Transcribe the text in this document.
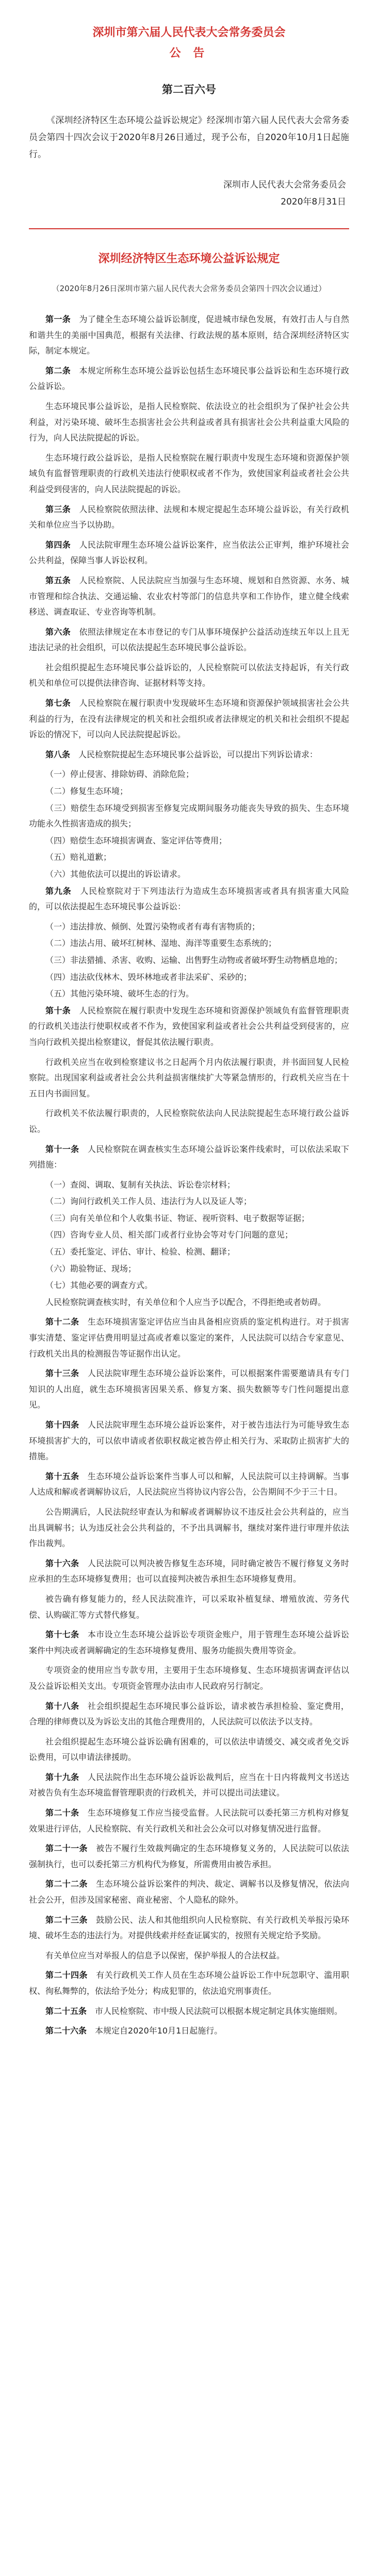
深圳市第六届人民代表大会常务委员会

公 告

第二百六号

《深圳经济特区生态环境公益诉讼规定》经深圳市第六届人民代表大会常务委员会第四十四次会议于2020年8月26日通过，现予公布，自2020年10月1日起施行。

深圳市人民代表大会常务委员会
2020年8月31日
深圳经济特区生态环境公益诉讼规定
（2020年8月26日深圳市第六届人民代表大会常务委员会第四十四次会议通过）

第一条　 为了健全生态环境公益诉讼制度，促进城市绿色发展，有效打击人与自然和谐共生的美丽中国典范，根据有关法律、行政法规的基本原则，结合深圳经济特区实际，制定本规定。

第二条　 本规定所称生态环境公益诉讼包括生态环境民事公益诉讼和生态环境行政公益诉讼。

生态环境民事公益诉讼，是指人民检察院、依法设立的社会组织为了保护社会公共利益，对污染环境、破坏生态损害社会公共利益或者具有损害社会公共利益重大风险的行为，向人民法院提起的诉讼。

生态环境行政公益诉讼，是指人民检察院在履行职责中发现生态环境和资源保护领域负有监督管理职责的行政机关违法行使职权或者不作为，致使国家利益或者社会公共利益受到侵害的，向人民法院提起的诉讼。

第三条　 人民检察院依照法律、法规和本规定提起生态环境公益诉讼，有关行政机关和单位应当予以协助。

第四条　 人民法院审理生态环境公益诉讼案件，应当依法公正审判，维护环境社会公共利益，保障当事人诉讼权利。

第五条　 人民检察院、人民法院应当加强与生态环境、规划和自然资源、水务、城市管理和综合执法、交通运输、农业农村等部门的信息共享和工作协作，建立健全线索移送、调查取证、专业咨询等机制。

第六条　 依照法律规定在本市登记的专门从事环境保护公益活动连续五年以上且无违法记录的社会组织，可以依法提起生态环境民事公益诉讼。

社会组织提起生态环境民事公益诉讼的，人民检察院可以依法支持起诉，有关行政机关和单位可以提供法律咨询、证据材料等支持。

第七条　 人民检察院在履行职责中发现破坏生态环境和资源保护领域损害社会公共利益的行为，在没有法律规定的机关和社会组织或者法律规定的机关和社会组织不提起诉讼的情况下，可以向人民法院提起诉讼。

第八条　 人民检察院提起生态环境民事公益诉讼，可以提出下列诉讼请求：

（一）停止侵害、排除妨碍、消除危险；

（二）修复生态环境；

（三）赔偿生态环境受到损害至修复完成期间服务功能丧失导致的损失、生态环境功能永久性损害造成的损失；

（四）赔偿生态环境损害调查、鉴定评估等费用；

（五）赔礼道歉；

（六）其他依法可以提出的诉讼请求。

第九条　 人民检察院对于下列违法行为造成生态环境损害或者具有损害重大风险的，可以依法提起生态环境民事公益诉讼：

（一）违法排放、倾倒、处置污染物或者有毒有害物质的；

（二）违法占用、破坏红树林、湿地、海洋等重要生态系统的；

（三）非法猎捕、杀害、收购、运输、出售野生动物或者破坏野生动物栖息地的；

（四）违法砍伐林木、毁坏林地或者非法采矿、采砂的；

（五）其他污染环境、破坏生态的行为。

第十条　 人民检察院在履行职责中发现生态环境和资源保护领域负有监督管理职责的行政机关违法行使职权或者不作为，致使国家利益或者社会公共利益受到侵害的，应当向行政机关提出检察建议，督促其依法履行职责。

行政机关应当在收到检察建议书之日起两个月内依法履行职责，并书面回复人民检察院。出现国家利益或者社会公共利益损害继续扩大等紧急情形的，行政机关应当在十五日内书面回复。

行政机关不依法履行职责的，人民检察院依法向人民法院提起生态环境行政公益诉讼。

第十一条　 人民检察院在调查核实生态环境公益诉讼案件线索时，可以依法采取下列措施：

（一）查阅、调取、复制有关执法、诉讼卷宗材料；

（二）询问行政机关工作人员、违法行为人以及证人等；

（三）向有关单位和个人收集书证、物证、视听资料、电子数据等证据；

（四）咨询专业人员、相关部门或者行业协会等对专门问题的意见；

（五）委托鉴定、评估、审计、检验、检测、翻译；

（六）勘验物证、现场；

（七）其他必要的调查方式。

人民检察院调查核实时，有关单位和个人应当予以配合，不得拒绝或者妨碍。

第十二条　 生态环境损害鉴定评估应当由具备相应资质的鉴定机构进行。对于损害事实清楚、鉴定评估费用明显过高或者难以鉴定的案件，人民法院可以结合专家意见、行政机关出具的检测报告等证据作出认定。

第十三条　 人民法院审理生态环境公益诉讼案件，可以根据案件需要邀请具有专门知识的人出庭，就生态环境损害因果关系、修复方案、损失数额等专门性问题提出意见。

第十四条　 人民法院审理生态环境公益诉讼案件，对于被告违法行为可能导致生态环境损害扩大的，可以依申请或者依职权裁定被告停止相关行为、采取防止损害扩大的措施。

第十五条　 生态环境公益诉讼案件当事人可以和解，人民法院可以主持调解。当事人达成和解或者调解协议后，人民法院应当将协议内容公告，公告期间不少于三十日。

公告期满后，人民法院经审查认为和解或者调解协议不违反社会公共利益的，应当出具调解书；认为违反社会公共利益的，不予出具调解书，继续对案件进行审理并依法作出裁判。

第十六条　 人民法院可以判决被告修复生态环境，同时确定被告不履行修复义务时应承担的生态环境修复费用；也可以直接判决被告承担生态环境修复费用。

被告确有修复能力的，经人民法院准许，可以采取补植复绿、增殖放流、劳务代偿、认购碳汇等方式替代修复。

第十七条　 本市设立生态环境公益诉讼专项资金账户，用于管理生态环境公益诉讼案件中判决或者调解确定的生态环境修复费用、服务功能损失费用等资金。

专项资金的使用应当专款专用，主要用于生态环境修复、生态环境损害调查评估以及公益诉讼相关支出。专项资金管理办法由市人民政府另行制定。

第十八条　 社会组织提起生态环境民事公益诉讼，请求被告承担检验、鉴定费用，合理的律师费以及为诉讼支出的其他合理费用的，人民法院可以依法予以支持。

社会组织提起生态环境公益诉讼确有困难的，可以依法申请缓交、减交或者免交诉讼费用，可以申请法律援助。

第十九条　 人民法院作出生态环境公益诉讼裁判后，应当在十日内将裁判文书送达对被告负有生态环境监督管理职责的行政机关，并可以提出司法建议。

第二十条　 生态环境修复工作应当接受监督。人民法院可以委托第三方机构对修复效果进行评估，人民检察院、有关行政机关和社会公众可以对修复情况进行监督。

第二十一条　 被告不履行生效裁判确定的生态环境修复义务的，人民法院可以依法强制执行，也可以委托第三方机构代为修复，所需费用由被告承担。

第二十二条　 生态环境公益诉讼案件的判决、裁定、调解书以及修复情况，依法向社会公开，但涉及国家秘密、商业秘密、个人隐私的除外。

第二十三条　 鼓励公民、法人和其他组织向人民检察院、有关行政机关举报污染环境、破坏生态的违法行为。对提供线索并经查证属实的，按照有关规定给予奖励。

有关单位应当对举报人的信息予以保密，保护举报人的合法权益。

第二十四条　 有关行政机关工作人员在生态环境公益诉讼工作中玩忽职守、滥用职权、徇私舞弊的，依法给予处分；构成犯罪的，依法追究刑事责任。

第二十五条　 市人民检察院、市中级人民法院可以根据本规定制定具体实施细则。

第二十六条　 本规定自2020年10月1日起施行。
